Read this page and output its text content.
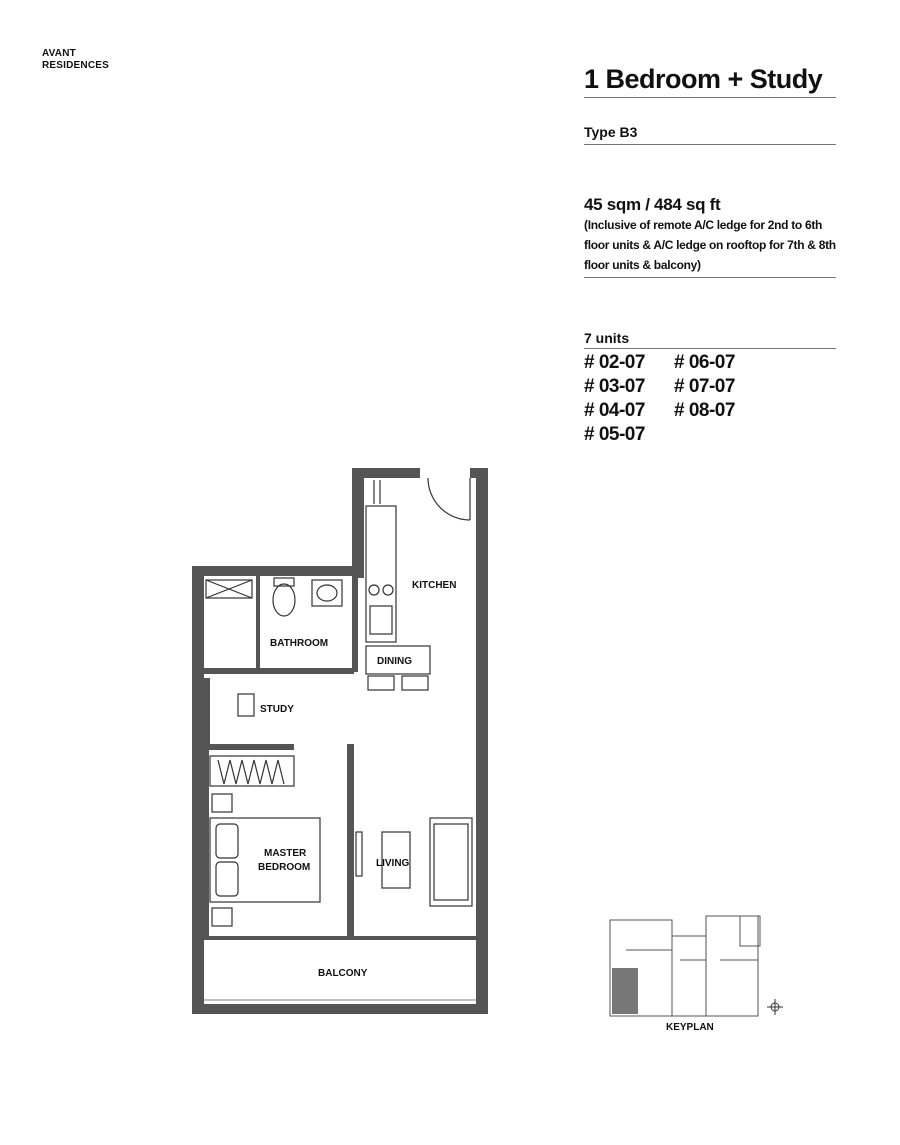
AVANT
RESIDENCES	1 Bedroom + Study
Type B3
45 sqm / 484 sq ft
(Inclusive of remote A/C ledge for 2nd to 6th floor units & A/C ledge on rooftop for 7th & 8th floor units & balcony)
7 units
# 02-07	# 06-07
# 03-07	# 07-07
# 04-07	# 08-07
# 05-07
KITCHEN
BATHROOM
DINING
STUDY
MASTER
BEDROOM	LIVING
BALCONY
KEYPLAN
